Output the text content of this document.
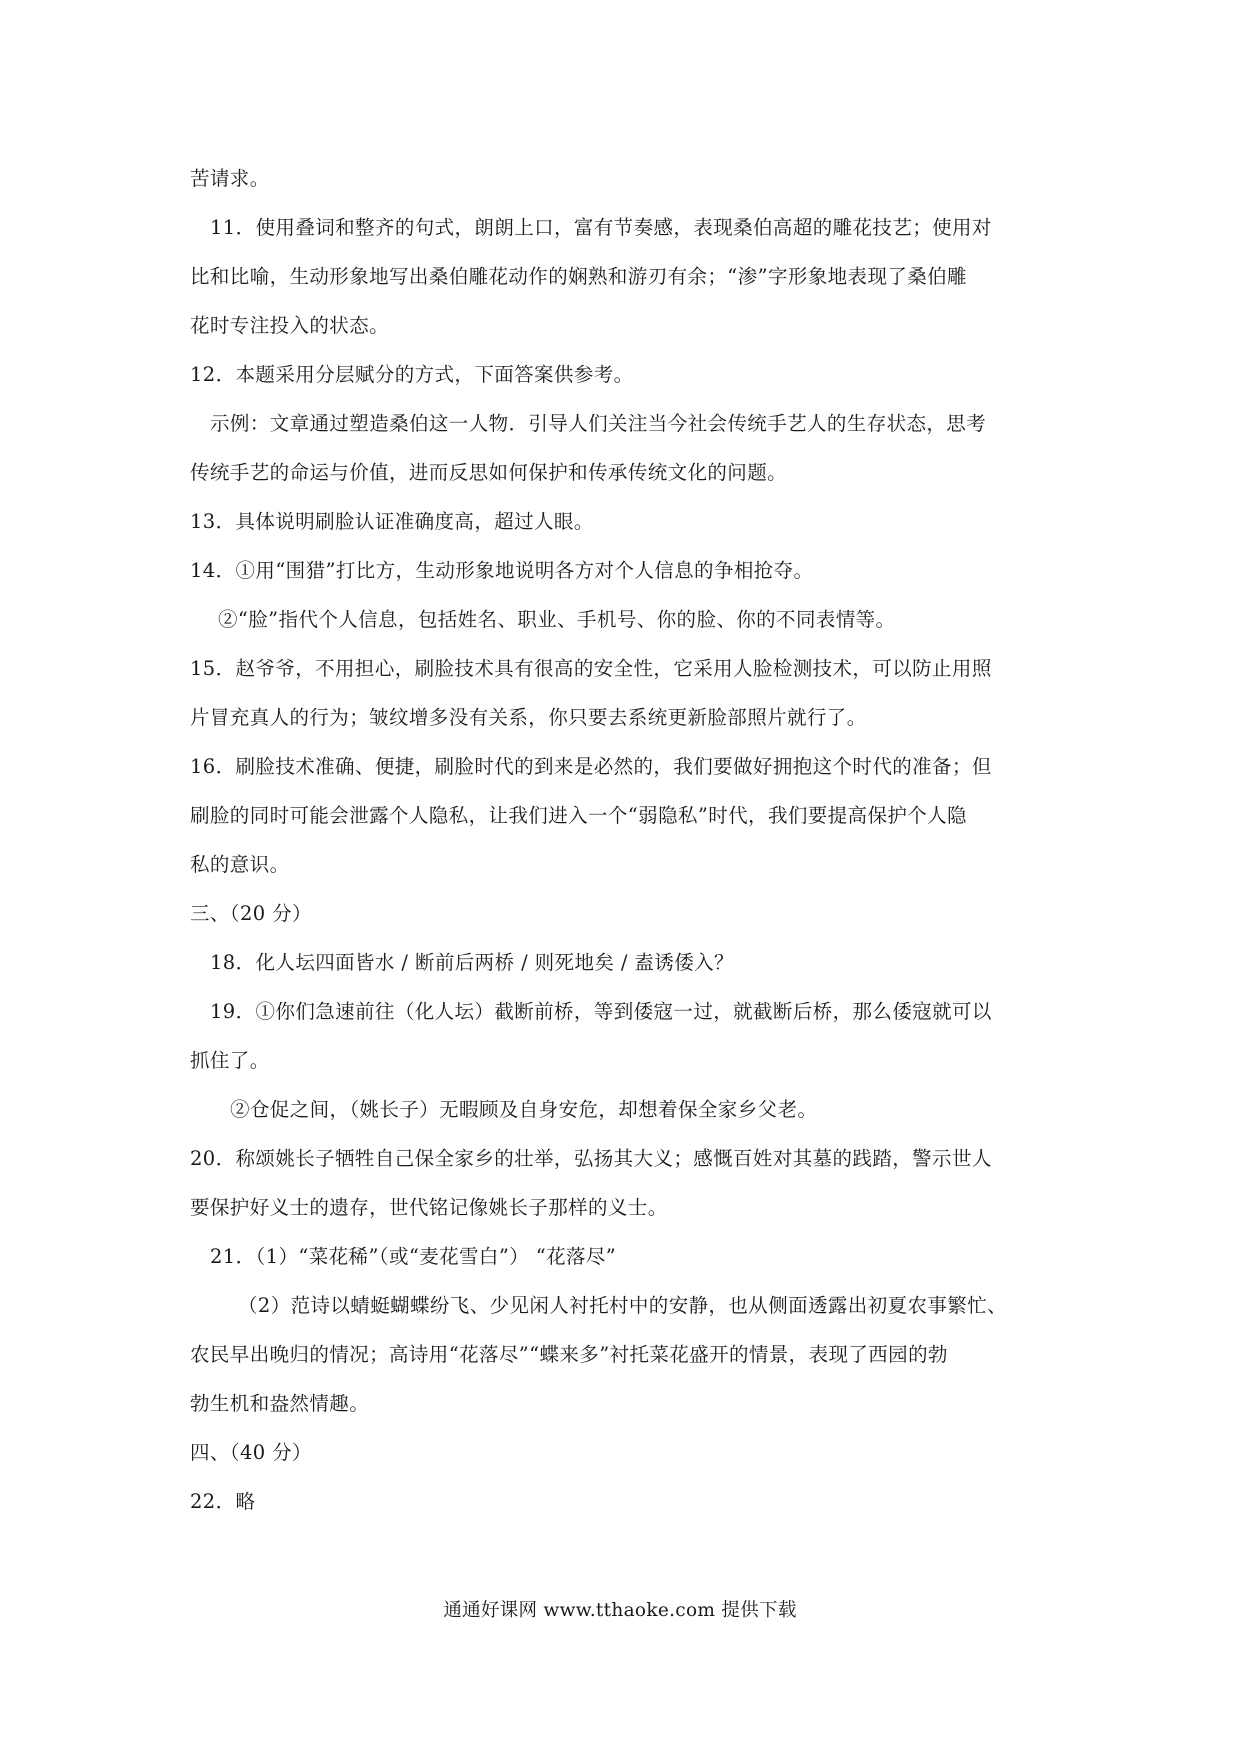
苦请求。
11．使用叠词和整齐的句式，朗朗上口，富有节奏感，表现桑伯高超的雕花技艺；使用对
比和比喻，生动形象地写出桑伯雕花动作的娴熟和游刃有余；“渗”字形象地表现了桑伯雕
花时专注投入的状态。
12．本题采用分层赋分的方式，下面答案供参考。
示例：文章通过塑造桑伯这一人物．引导人们关注当今社会传统手艺人的生存状态，思考
传统手艺的命运与价值，进而反思如何保护和传承传统文化的问题。
13．具体说明刷脸认证准确度高，超过人眼。
14．①用“围猎”打比方，生动形象地说明各方对个人信息的争相抢夺。
②“脸”指代个人信息，包括姓名、职业、手机号、你的脸、你的不同表情等。
15．赵爷爷，不用担心，刷脸技术具有很高的安全性，它采用人脸检测技术，可以防止用照
片冒充真人的行为；皱纹增多没有关系，你只要去系统更新脸部照片就行了。
16．刷脸技术准确、便捷，刷脸时代的到来是必然的，我们要做好拥抱这个时代的准备；但
刷脸的同时可能会泄露个人隐私，让我们进入一个“弱隐私”时代，我们要提高保护个人隐
私的意识。
三、（20 分）
18．化人坛四面皆水 / 断前后两桥 / 则死地矣 / 盍诱倭入？
19．①你们急速前往（化人坛）截断前桥，等到倭寇一过，就截断后桥，那么倭寇就可以
抓住了。
②仓促之间，（姚长子）无暇顾及自身安危，却想着保全家乡父老。
20．称颂姚长子牺牲自己保全家乡的壮举，弘扬其大义；感慨百姓对其墓的践踏，警示世人
要保护好义士的遗存，世代铭记像姚长子那样的义士。
21．（1）“菜花稀”（或“麦花雪白”） “花落尽”
（2）范诗以蜻蜓蝴蝶纷飞、少见闲人衬托村中的安静，也从侧面透露出初夏农事繁忙、
农民早出晚归的情况；高诗用“花落尽”“蝶来多”衬托菜花盛开的情景，表现了西园的勃
勃生机和盎然情趣。
四、（40 分）
22．略
通通好课网 www.tthaoke.com 提供下载
